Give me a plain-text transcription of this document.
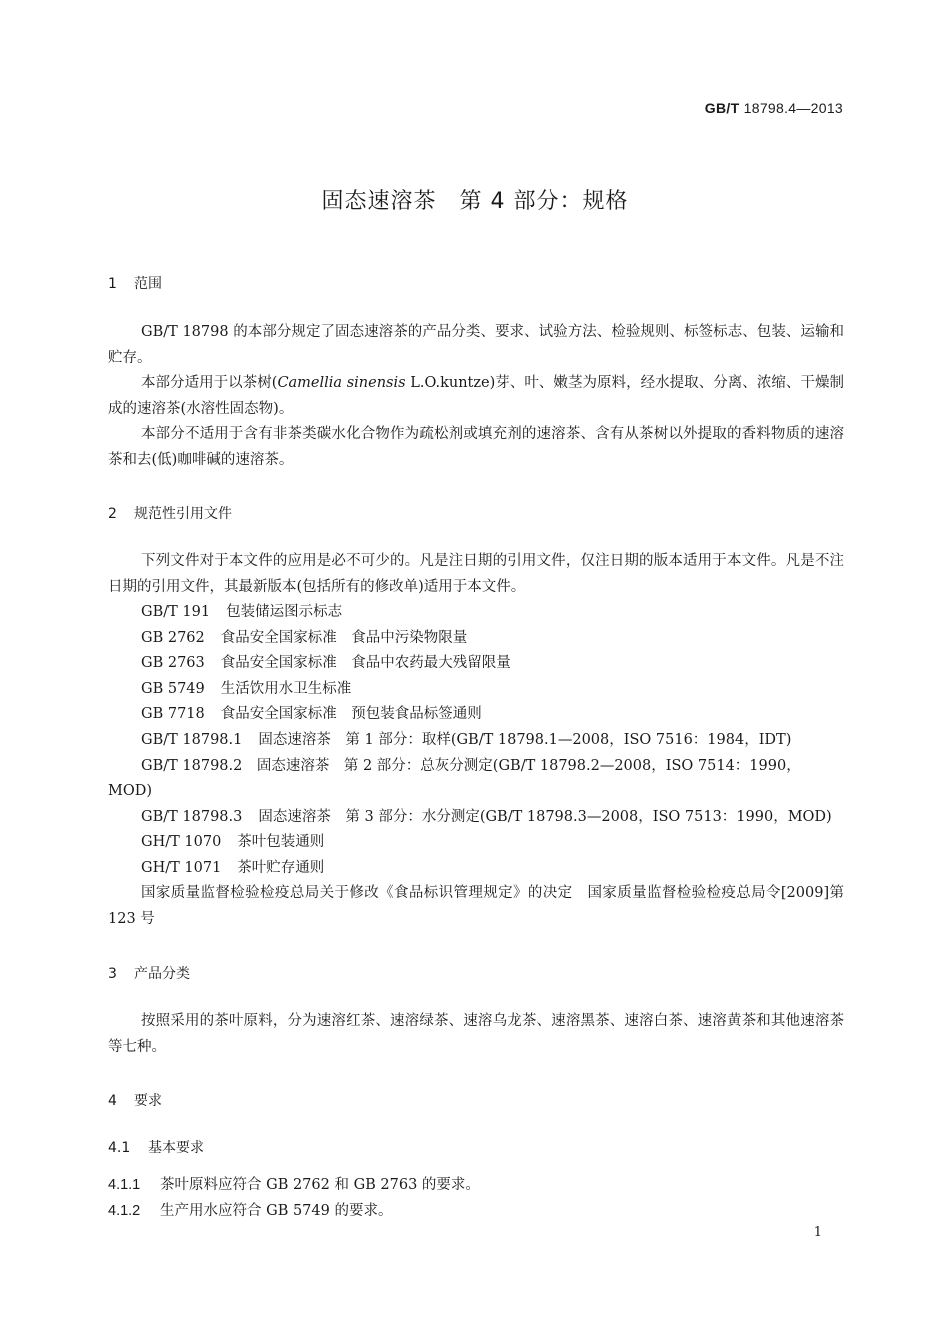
GB/T 18798.4—2013
固态速溶茶　第 4 部分：规格
1 范围
GB/T 18798 的本部分规定了固态速溶茶的产品分类、要求、试验方法、检验规则、标签标志、包装、运输和贮存。
本部分适用于以茶树(Camellia sinensis L.O.kuntze)芽、叶、嫩茎为原料，经水提取、分离、浓缩、干燥制成的速溶茶(水溶性固态物)。
本部分不适用于含有非茶类碳水化合物作为疏松剂或填充剂的速溶茶、含有从茶树以外提取的香料物质的速溶茶和去(低)咖啡碱的速溶茶。
2 规范性引用文件
下列文件对于本文件的应用是必不可少的。凡是注日期的引用文件，仅注日期的版本适用于本文件。凡是不注日期的引用文件，其最新版本(包括所有的修改单)适用于本文件。
GB/T 191 包装储运图示标志
GB 2762 食品安全国家标准　食品中污染物限量
GB 2763 食品安全国家标准　食品中农药最大残留限量
GB 5749 生活饮用水卫生标准
GB 7718 食品安全国家标准　预包装食品标签通则
GB/T 18798.1 固态速溶茶　第 1 部分：取样(GB/T 18798.1—2008，ISO 7516：1984，IDT)
GB/T 18798.2　固态速溶茶　第 2 部分：总灰分测定(GB/T 18798.2—2008，ISO 7514：1990，
MOD)
GB/T 18798.3 固态速溶茶　第 3 部分：水分测定(GB/T 18798.3—2008，ISO 7513：1990，MOD)
GH/T 1070 茶叶包装通则
GH/T 1071 茶叶贮存通则
国家质量监督检验检疫总局关于修改《食品标识管理规定》的决定　国家质量监督检验检疫总局令[2009]第 123 号
3 产品分类
按照采用的茶叶原料，分为速溶红茶、速溶绿茶、速溶乌龙茶、速溶黑茶、速溶白茶、速溶黄茶和其他速溶茶等七种。
4 要求
4.1 基本要求
4.1.1 茶叶原料应符合 GB 2762 和 GB 2763 的要求。
4.1.2 生产用水应符合 GB 5749 的要求。
1
